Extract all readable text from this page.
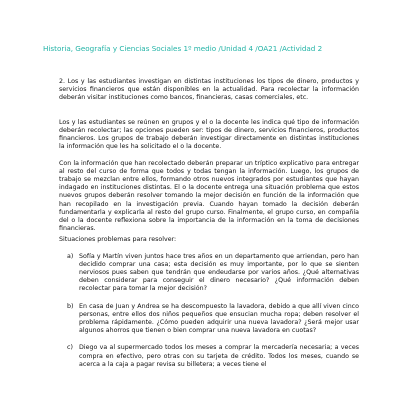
Historia, Geografía y Ciencias Sociales 1º medio /Unidad 4 /OA21 /Actividad 2

2. Los y las estudiantes investigan en distintas instituciones los tipos de dinero, productos y servicios financieros que están disponibles en la actualidad. Para recolectar la información deberán visitar instituciones como bancos, financieras, casas comerciales, etc.

Los y las estudiantes se reúnen en grupos y el o la docente les indica qué tipo de información deberán recolectar; las opciones pueden ser: tipos de dinero, servicios financieros, productos financieros. Los grupos de trabajo deberán investigar directamente en distintas instituciones la información que les ha solicitado el o la docente.

Con la información que han recolectado deberán preparar un tríptico explicativo para entregar al resto del curso de forma que todos y todas tengan la información. Luego, los grupos de trabajo se mezclan entre ellos, formando otros nuevos integrados por estudiantes que hayan indagado en instituciones distintas. El o la docente entrega una situación problema que estos nuevos grupos deberán resolver tomando la mejor decisión en función de la información que han recopilado en la investigación previa. Cuando hayan tomado la decisión deberán fundamentarla y explicarla al resto del grupo curso. Finalmente, el grupo curso, en compañía del o la docente reflexiona sobre la importancia de la información en la toma de decisiones financieras.

Situaciones problemas para resolver:

a) Sofía y Martín viven juntos hace tres años en un departamento que arriendan, pero han decidido comprar una casa; esta decisión es muy importante, por lo que se sienten nerviosos pues saben que tendrán que endeudarse por varios años. ¿Qué alternativas deben considerar para conseguir el dinero necesario? ¿Qué información deben recolectar para tomar la mejor decisión?
b) En casa de Juan y Andrea se ha descompuesto la lavadora, debido a que allí viven cinco personas, entre ellos dos niños pequeños que ensucian mucha ropa; deben resolver el problema rápidamente. ¿Cómo pueden adquirir una nueva lavadora? ¿Será mejor usar algunos ahorros que tienen o bien comprar una nueva lavadora en cuotas?
c) Diego va al supermercado todos los meses a comprar la mercadería necesaria; a veces compra en efectivo, pero otras con su tarjeta de crédito. Todos los meses, cuando se acerca a la caja a pagar revisa su billetera; a veces tiene el
